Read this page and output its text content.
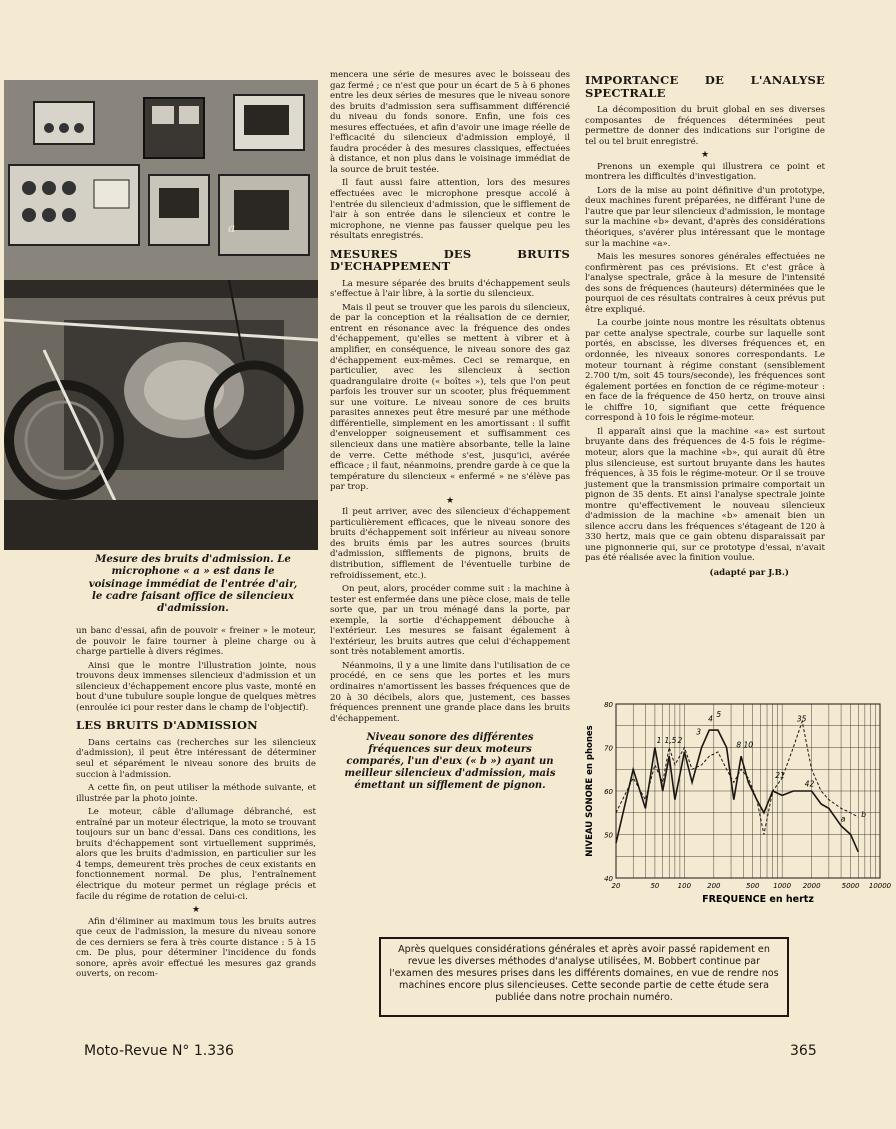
a
Mesure des bruits d'admission. Le microphone « a » est dans le voisinage immédiat de l'entrée d'air, le cadre faisant office de silencieux d'admission.

un banc d'essai, afin de pouvoir « freiner » le moteur, de pouvoir le faire tourner à pleine charge ou à charge partielle à divers régimes.

Ainsi que le montre l'illustration jointe, nous trouvons deux immenses silencieux d'admission et un silencieux d'échappement encore plus vaste, monté en bout d'une tubulure souple longue de quelques mètres (enroulée ici pour rester dans le champ de l'objectif).

LES BRUITS D'ADMISSION

Dans certains cas (recherches sur les silencieux d'admission), il peut être intéressant de déterminer seul et séparément le niveau sonore des bruits de succion à l'admission.

A cette fin, on peut utiliser la méthode suivante, et illustrée par la photo jointe.

Le moteur, câble d'allumage débranché, est entraîné par un moteur électrique, la moto se trouvant toujours sur un banc d'essai. Dans ces conditions, les bruits d'échappement sont virtuellement supprimés, alors que les bruits d'admission, en particulier sur les 4 temps, demeurent très proches de ceux existants en fonctionnement normal. De plus, l'entraînement électrique du moteur permet un réglage précis et facile du régime de rotation de celui-ci.

★

Afin d'éliminer au maximum tous les bruits autres que ceux de l'admission, la mesure du niveau sonore de ces derniers se fera à très courte distance : 5 à 15 cm. De plus, pour déterminer l'incidence du fonds sonore, après avoir effectué les mesures gaz grands ouverts, on recom-

mencera une série de mesures avec le boisseau des gaz fermé ; ce n'est que pour un écart de 5 à 6 phones entre les deux séries de mesures que le niveau sonore des bruits d'admission sera suffisamment différencié du niveau du fonds sonore. Enfin, une fois ces mesures effectuées, et afin d'avoir une image réelle de l'efficacité du silencieux d'admission employé, il faudra procéder à des mesures classiques, effectuées à distance, et non plus dans le voisinage immédiat de la source de bruit testée.

Il faut aussi faire attention, lors des mesures effectuées avec le microphone presque accolé à l'entrée du silencieux d'admission, que le sifflement de l'air à son entrée dans le silencieux et contre le microphone, ne vienne pas fausser quelque peu les résultats enregistrés.

MESURES DES BRUITS D'ECHAPPEMENT

La mesure séparée des bruits d'échappement seuls s'effectue à l'air libre, à la sortie du silencieux.

Mais il peut se trouver que les parois du silencieux, de par la conception et la réalisation de ce dernier, entrent en résonance avec la fréquence des ondes d'échappement, qu'elles se mettent à vibrer et à amplifier, en conséquence, le niveau sonore des gaz d'échappement eux-mêmes. Ceci se remarque, en particulier, avec les silencieux à section quadrangulaire droite (« boîtes »), tels que l'on peut parfois les trouver sur un scooter, plus fréquemment sur une voiture. Le niveau sonore de ces bruits parasites annexes peut être mesuré par une méthode différentielle, simplement en les amortissant : il suffit d'envelopper soigneusement et suffisamment ces silencieux dans une matière absorbante, telle la laine de verre. Cette méthode s'est, jusqu'ici, avérée efficace ; il faut, néanmoins, prendre garde à ce que la température du silencieux « enfermé » ne s'élève pas par trop.

★

Il peut arriver, avec des silencieux d'échappement particulièrement efficaces, que le niveau sonore des bruits d'échappement soit inférieur au niveau sonore des bruits émis par les autres sources (bruits d'admission, sifflements de pignons, bruits de distribution, sifflement de l'éventuelle turbine de refroidissement, etc.).

On peut, alors, procéder comme suit : la machine à tester est enfermée dans une pièce close, mais de telle sorte que, par un trou ménagé dans la porte, par exemple, la sortie d'échappement débouche à l'extérieur. Les mesures se faisant également à l'extérieur, les bruits autres que celui d'échappement sont très notablement amortis.

Néanmoins, il y a une limite dans l'utilisation de ce procédé, en ce sens que les portes et les murs ordinaires n'amortissent les basses fréquences que de 20 à 30 décibels, alors que, justement, ces basses fréquences prennent une grande place dans les bruits d'échappement.

Niveau sonore des différentes fréquences sur deux moteurs comparés, l'un d'eux (« b ») ayant un meilleur silencieux d'admission, mais émettant un sifflement de pignon.
IMPORTANCE DE L'ANALYSE SPECTRALE

La décomposition du bruit global en ses diverses composantes de fréquences déterminées peut permettre de donner des indications sur l'origine de tel ou tel bruit enregistré.

★

Prenons un exemple qui illustrera ce point et montrera les difficultés d'investigation.

Lors de la mise au point définitive d'un prototype, deux machines furent préparées, ne différant l'une de l'autre que par leur silencieux d'admission, le montage sur la machine «b» devant, d'après des considérations théoriques, s'avérer plus intéressant que le montage sur la machine «a».

Mais les mesures sonores générales effectuées ne confirmèrent pas ces prévisions. Et c'est grâce à l'analyse spectrale, grâce à la mesure de l'intensité des sons de fréquences (hauteurs) déterminées que le pourquoi de ces résultats contraires à ceux prévus put être expliqué.

La courbe jointe nous montre les résultats obtenus par cette analyse spectrale, courbe sur laquelle sont portés, en abscisse, les diverses fréquences et, en ordonnée, les niveaux sonores correspondants. Le moteur tournant à régime constant (sensiblement 2.700 t/m, soit 45 tours/seconde), les fréquences sont également portées en fonction de ce régime-moteur : en face de la fréquence de 450 hertz, on trouve ainsi le chiffre 10, signifiant que cette fréquence correspond à 10 fois le régime-moteur.

Il apparaît ainsi que la machine «a» est surtout bruyante dans des fréquences de 4-5 fois le régime-moteur, alors que la machine «b», qui aurait dû être plus silencieuse, est surtout bruyante dans les hautes fréquences, à 35 fois le régime-moteur. Or il se trouve justement que la transmission primaire comportait un pignon de 35 dents. Et ainsi l'analyse spectrale jointe montre qu'effectivement le nouveau silencieux d'admission de la machine «b» amenait bien un silence accru dans les fréquences s'étageant de 120 à 330 hertz, mais que ce gain obtenu disparaissait par une pignonnerie qui, sur ce prototype d'essai, n'avait pas été réalisée avec la finition voulue.

(adapté par J.B.)
40
50
60
70
80
20	50	100 200	500 1000 2000	5000 10000
NIVEAU SONORE en phones
FREQUENCE en hertz
1 1,5 2
3
4 5
8 10
21
35
42
a b
Après quelques considérations générales et après avoir passé rapidement en revue les diverses méthodes d'analyse utilisées, M. Bobbert continue par l'examen des mesures prises dans les différents domaines, en vue de rendre nos machines encore plus silencieuses. Cette seconde partie de cette étude sera publiée dans notre prochain numéro.
Moto-Revue N° 1.336	365
